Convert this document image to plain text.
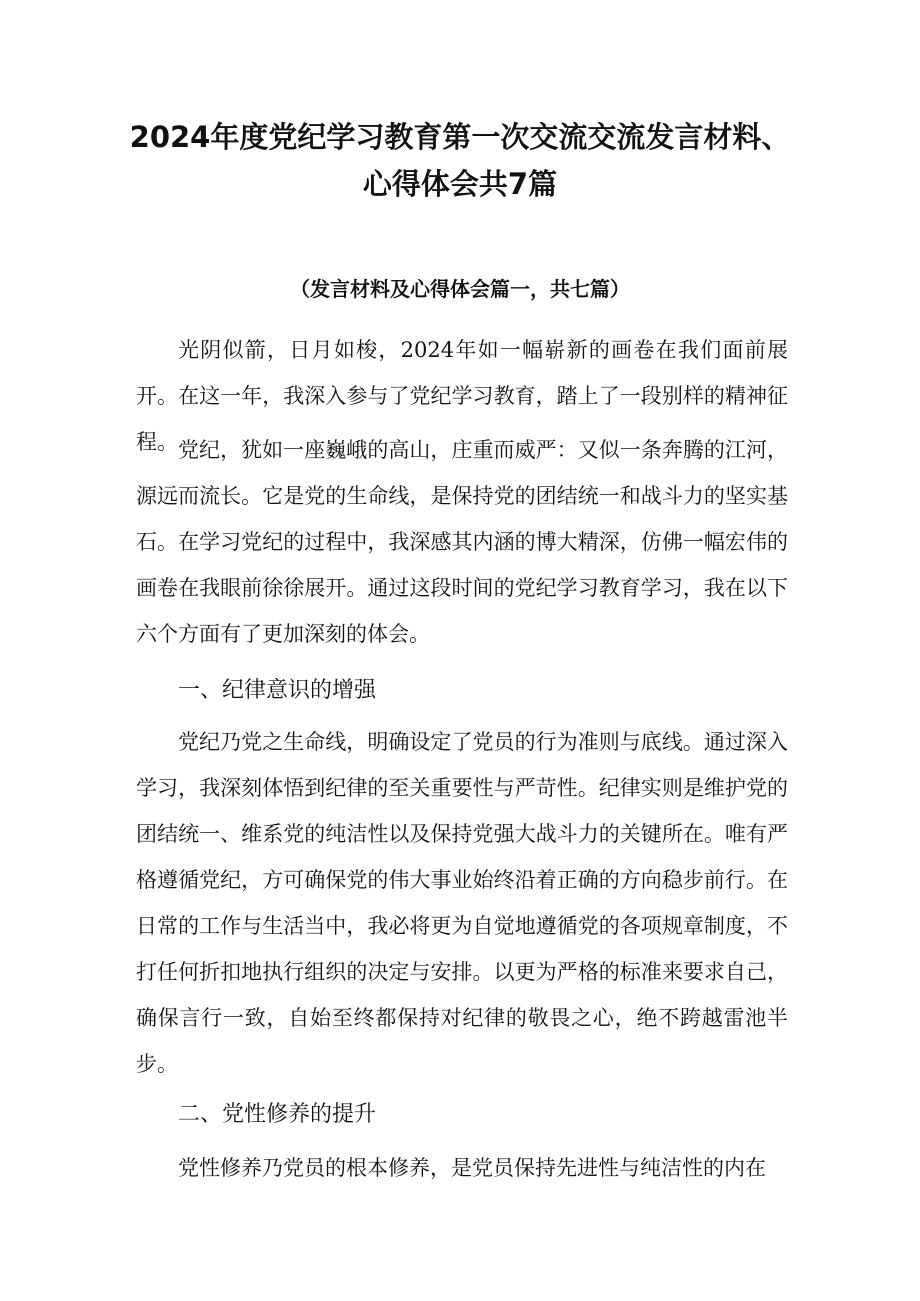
2024年度党纪学习教育第一次交流交流发言材料、心得体会共7篇

（发言材料及心得体会篇一，共七篇）

光阴似箭，日月如梭，2024年如一幅崭新的画卷在我们面前展开。在这一年，我深入参与了党纪学习教育，踏上了一段别样的精神征程。 党纪，犹如一座巍峨的高山，庄重而威严：又似一条奔腾的江河，源远而流长。它是党的生命线，是保持党的团结统一和战斗力的坚实基石。在学习党纪的过程中，我深感其内涵的博大精深，仿佛一幅宏伟的画卷在我眼前徐徐展开。通过这段时间的党纪学习教育学习，我在以下六个方面有了更加深刻的体会。

一、纪律意识的增强

党纪乃党之生命线，明确设定了党员的行为准则与底线。通过深入学习，我深刻体悟到纪律的至关重要性与严苛性。纪律实则是维护党的团结统一、维系党的纯洁性以及保持党强大战斗力的关键所在。唯有严格遵循党纪，方可确保党的伟大事业始终沿着正确的方向稳步前行。在日常的工作与生活当中，我必将更为自觉地遵循党的各项规章制度，不打任何折扣地执行组织的决定与安排。以更为严格的标准来要求自己，确保言行一致，自始至终都保持对纪律的敬畏之心，绝不跨越雷池半步。

二、党性修养的提升

党性修养乃党员的根本修养，是党员保持先进性与纯洁性的内在
